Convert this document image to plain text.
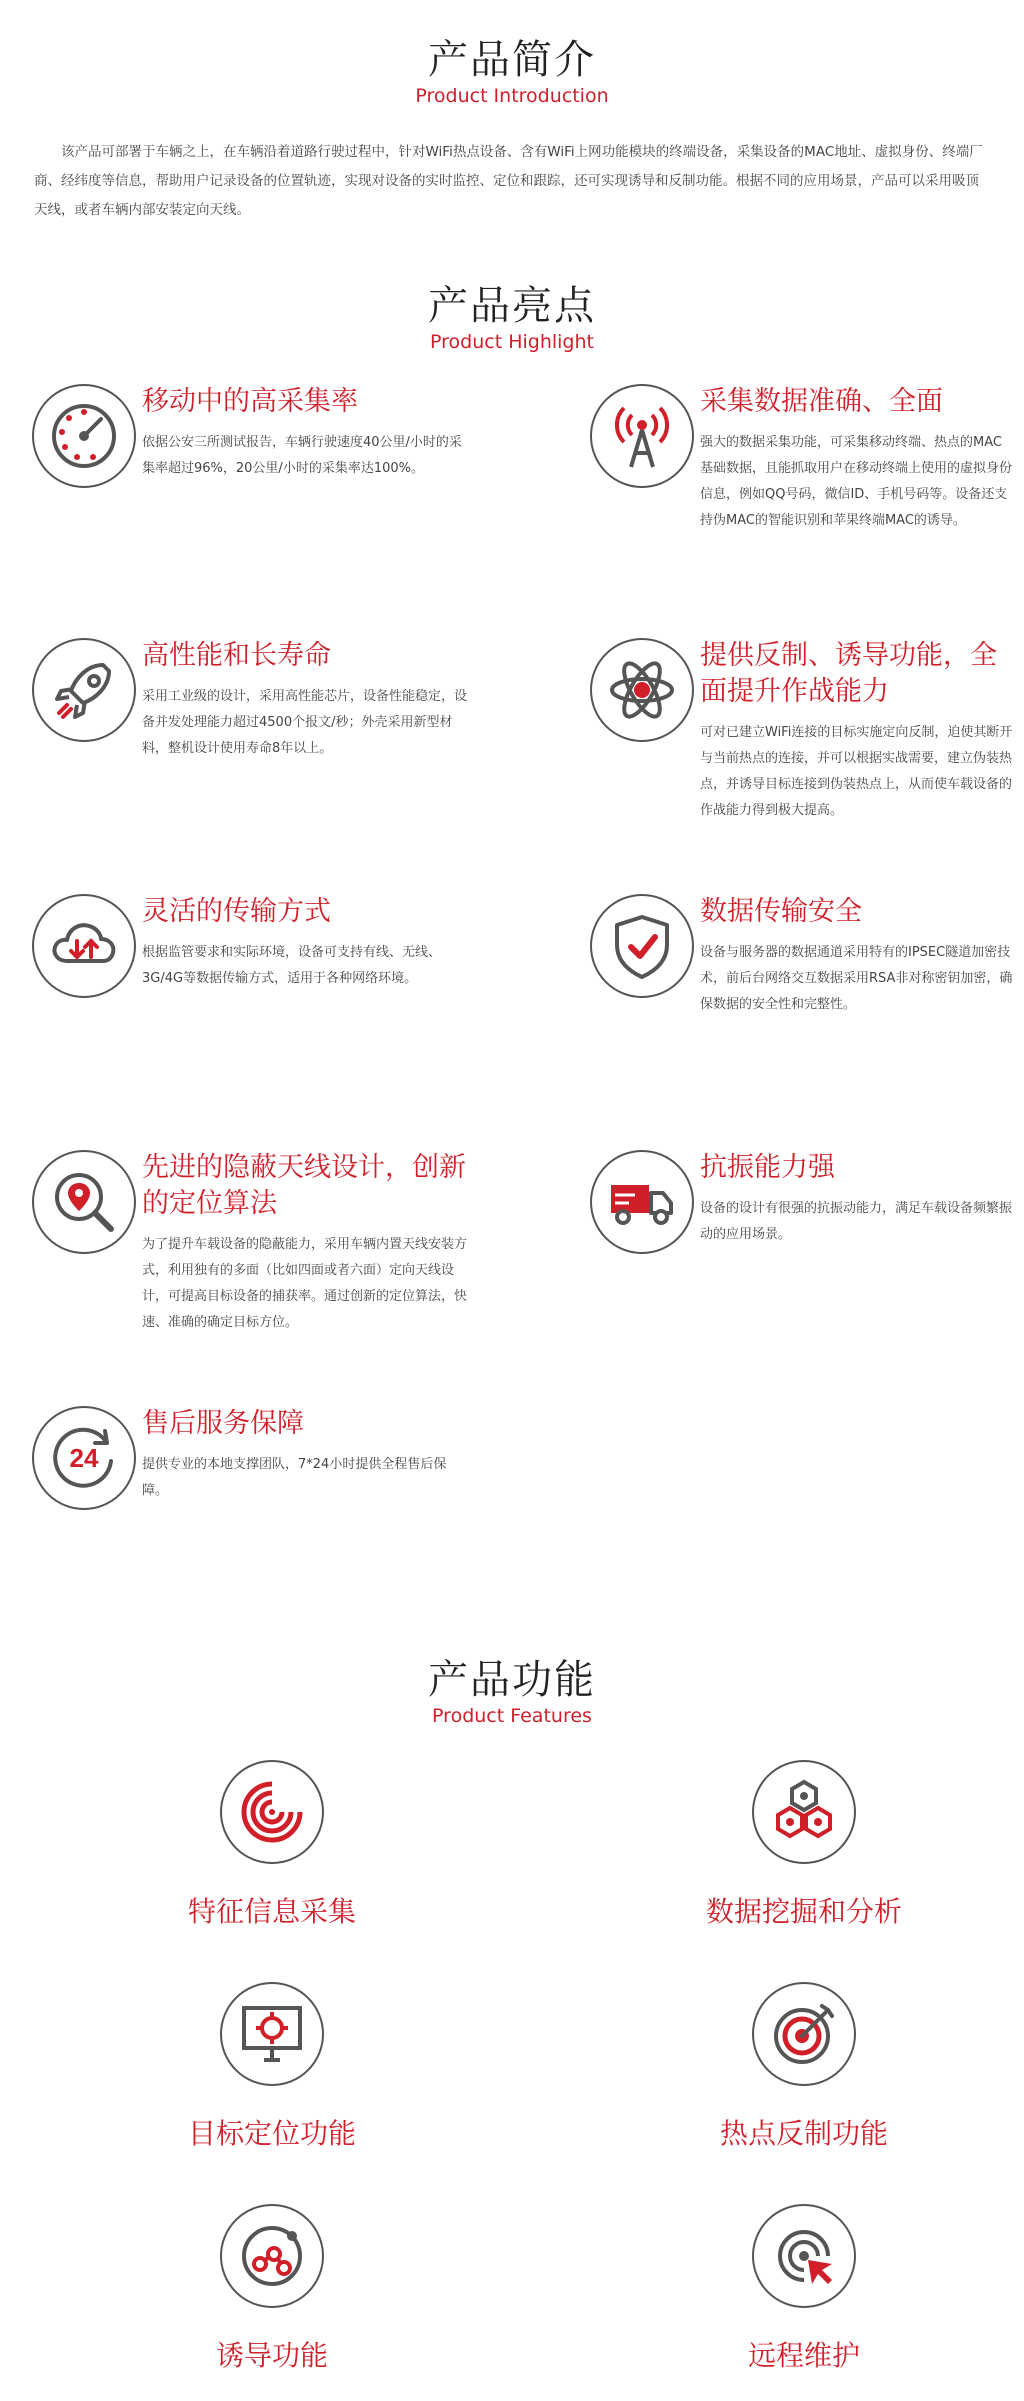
产品简介
Product Introduction

该产品可部署于车辆之上，在车辆沿着道路行驶过程中，针对WiFi热点设备、含有WiFi上网功能模块的终端设备，采集设备的MAC地址、虚拟身份、终端厂商、经纬度等信息，帮助用户记录设备的位置轨迹，实现对设备的实时监控、定位和跟踪，还可实现诱导和反制功能。根据不同的应用场景，产品可以采用吸顶天线，或者车辆内部安装定向天线。

产品亮点
Product Highlight
移动中的高采集率
依据公安三所测试报告，车辆行驶速度40公里/小时的采集率超过96%，20公里/小时的采集率达100%。
采集数据准确、全面
强大的数据采集功能，可采集移动终端、热点的MAC基础数据，且能抓取用户在移动终端上使用的虚拟身份信息，例如QQ号码，微信ID、手机号码等。设备还支持伪MAC的智能识别和苹果终端MAC的诱导。
高性能和长寿命
采用工业级的设计，采用高性能芯片，设备性能稳定，设备并发处理能力超过4500个报文/秒；外壳采用新型材料，整机设计使用寿命8年以上。
提供反制、诱导功能，全面提升作战能力
可对已建立WiFi连接的目标实施定向反制，迫使其断开与当前热点的连接，并可以根据实战需要，建立伪装热点，并诱导目标连接到伪装热点上，从而使车载设备的作战能力得到极大提高。
灵活的传输方式
根据监管要求和实际环境，设备可支持有线、无线、3G/4G等数据传输方式，适用于各种网络环境。
数据传输安全
设备与服务器的数据通道采用特有的IPSEC隧道加密技术，前后台网络交互数据采用RSA非对称密钥加密，确保数据的安全性和完整性。
先进的隐蔽天线设计，创新的定位算法
为了提升车载设备的隐蔽能力，采用车辆内置天线安装方式，利用独有的多面（比如四面或者六面）定向天线设计，可提高目标设备的捕获率。通过创新的定位算法，快速、准确的确定目标方位。
抗振能力强
设备的设计有很强的抗振动能力，满足车载设备频繁振动的应用场景。
24
售后服务保障
提供专业的本地支撑团队，7*24小时提供全程售后保障。
产品功能
Product Features
特征信息采集	数据挖掘和分析
目标定位功能	热点反制功能
诱导功能	远程维护
